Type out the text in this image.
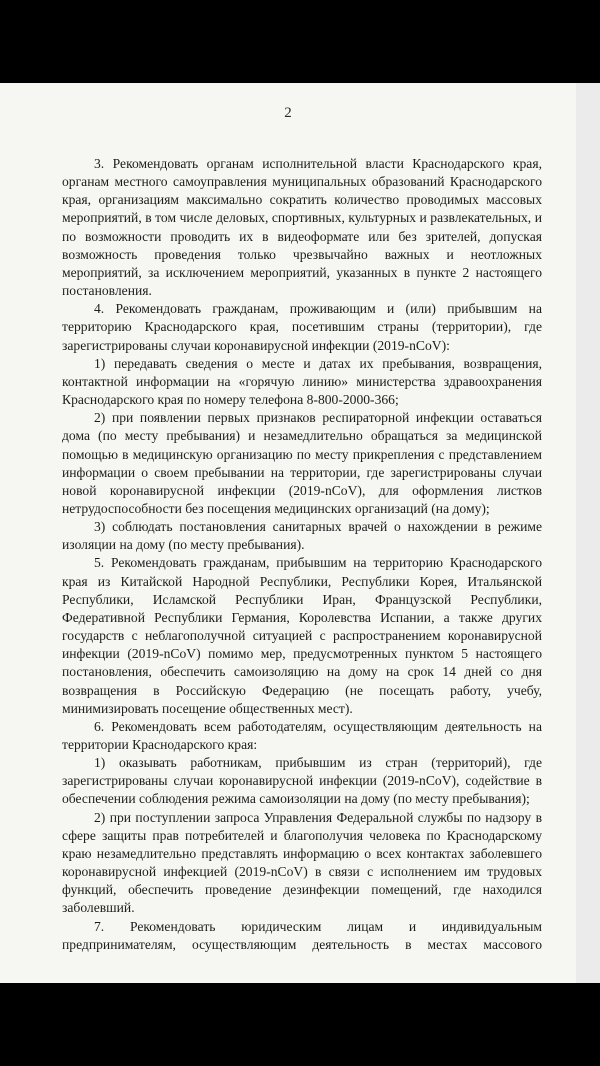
2

3. Рекомендовать органам исполнительной власти Краснодарского края, органам местного самоуправления муниципальных образований Краснодарского края, организациям максимально сократить количество проводимых массовых мероприятий, в том числе деловых, спортивных, культурных и развлекательных, и по возможности проводить их в видеоформате или без зрителей, допуская возможность проведения только чрезвычайно важных и неотложных мероприятий, за исключением мероприятий, указанных в пункте 2 настоящего постановления.

4. Рекомендовать гражданам, проживающим и (или) прибывшим на территорию Краснодарского края, посетившим страны (территории), где зарегистрированы случаи коронавирусной инфекции (2019-nCoV):

1) передавать сведения о месте и датах их пребывания, возвращения, контактной информации на «горячую линию» министерства здравоохранения Краснодарского края по номеру телефона 8-800-2000-366;

2) при появлении первых признаков респираторной инфекции оставаться дома (по месту пребывания) и незамедлительно обращаться за медицинской помощью в медицинскую организацию по месту прикрепления с представлением информации о своем пребывании на территории, где зарегистрированы случаи новой коронавирусной инфекции (2019-nCoV), для оформления листков нетрудоспособности без посещения медицинских организаций (на дому);

3) соблюдать постановления санитарных врачей о нахождении в режиме изоляции на дому (по месту пребывания).

5. Рекомендовать гражданам, прибывшим на территорию Краснодарского края из Китайской Народной Республики, Республики Корея, Итальянской Республики, Исламской Республики Иран, Французской Республики, Федеративной Республики Германия, Королевства Испании, а также других государств с неблагополучной ситуацией с распространением коронавирусной инфекции (2019-nCoV) помимо мер, предусмотренных пунктом 5 настоящего постановления, обеспечить самоизоляцию на дому на срок 14 дней со дня возвращения в Российскую Федерацию (не посещать работу, учебу, минимизировать посещение общественных мест).

6. Рекомендовать всем работодателям, осуществляющим деятельность на территории Краснодарского края:

1) оказывать работникам, прибывшим из стран (территорий), где зарегистрированы случаи коронавирусной инфекции (2019-nCoV), содействие в обеспечении соблюдения режима самоизоляции на дому (по месту пребывания);

2) при поступлении запроса Управления Федеральной службы по надзору в сфере защиты прав потребителей и благополучия человека по Краснодарскому краю незамедлительно представлять информацию о всех контактах заболевшего коронавирусной инфекцией (2019-nCoV) в связи с исполнением им трудовых функций, обеспечить проведение дезинфекции помещений, где находился заболевший.

7. Рекомендовать юридическим лицам и индивидуальным предпринимателям, осуществляющим деятельность в местах массового
